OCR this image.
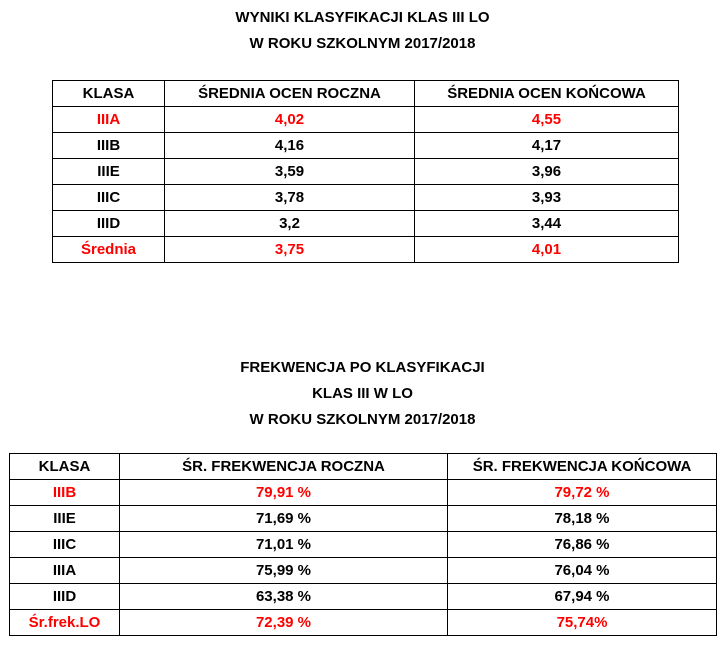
WYNIKI KLASYFIKACJI KLAS III LO
W ROKU SZKOLNYM 2017/2018
KLASA	ŚREDNIA OCEN ROCZNA	ŚREDNIA OCEN KOŃCOWA
IIIA	4,02	4,55
IIIB	4,16	4,17
IIIE	3,59	3,96
IIIC	3,78	3,93
IIID	3,2	3,44
Średnia	3,75	4,01
FREKWENCJA PO KLASYFIKACJI
KLAS III W LO
W ROKU SZKOLNYM 2017/2018
KLASA	ŚR. FREKWENCJA ROCZNA	ŚR. FREKWENCJA KOŃCOWA
IIIB	79,91 %	79,72 %
IIIE	71,69 %	78,18 %
IIIC	71,01 %	76,86 %
IIIA	75,99 %	76,04 %
IIID	63,38 %	67,94 %
Śr.frek.LO	72,39 %	75,74%
